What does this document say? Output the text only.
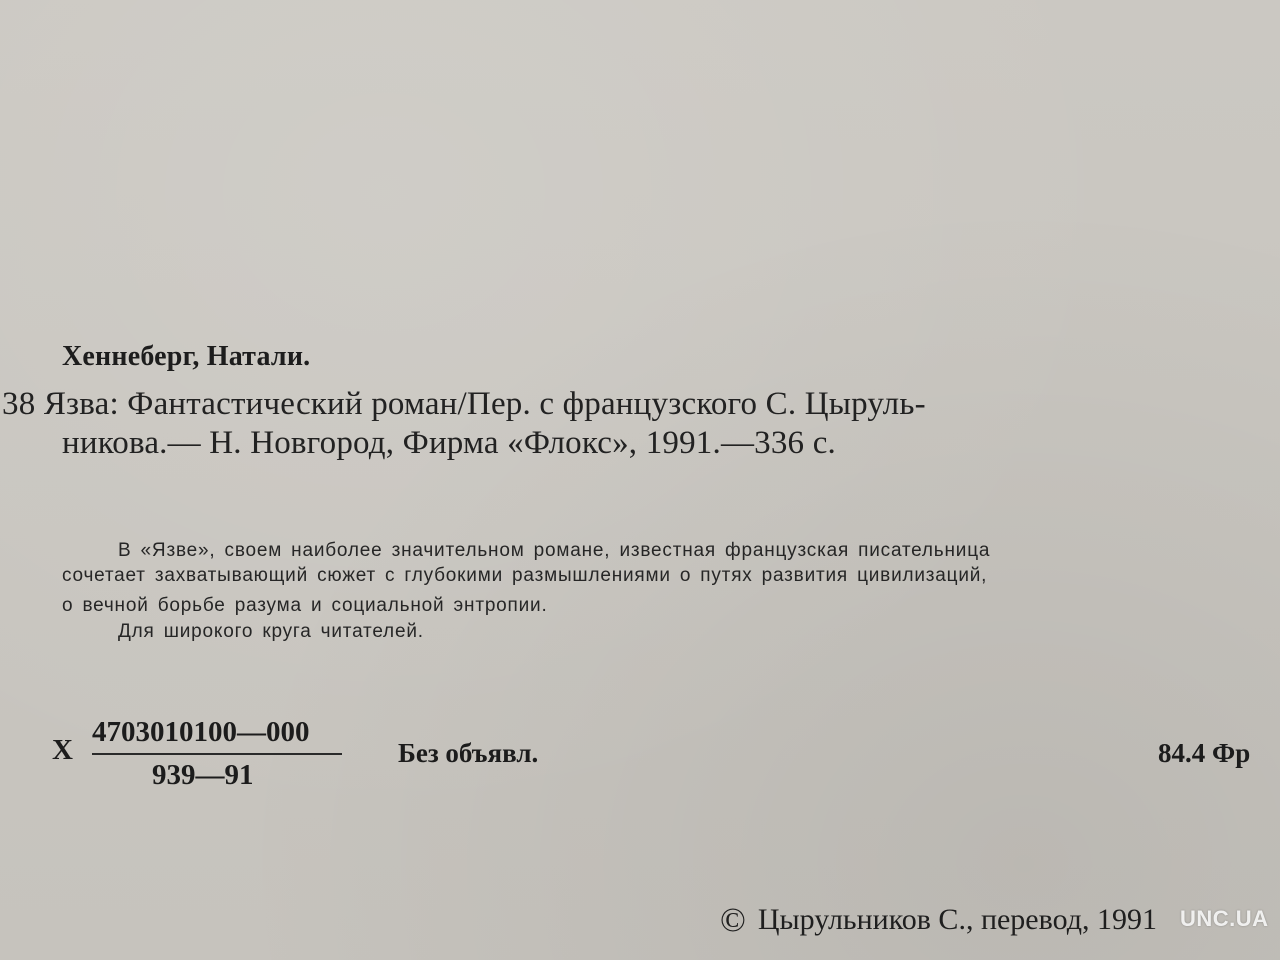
Хеннеберг, Натали.
38 Язва: Фантастический роман/Пер. с французского С. Цыруль-
никова.— Н. Новгород, Фирма «Флокс», 1991.—336 с.
В «Язве», своем наиболее значительном романе, известная французская писательница
сочетает захватывающий сюжет с глубокими размышлениями о путях развития цивилизаций,
о вечной борьбе разума и социальной энтропии.
Для широкого круга читателей.
X
4703010100—000
939—91
Без объявл.	84.4 Фр
© Цырульников С., перевод, 1991 UNC.UA
